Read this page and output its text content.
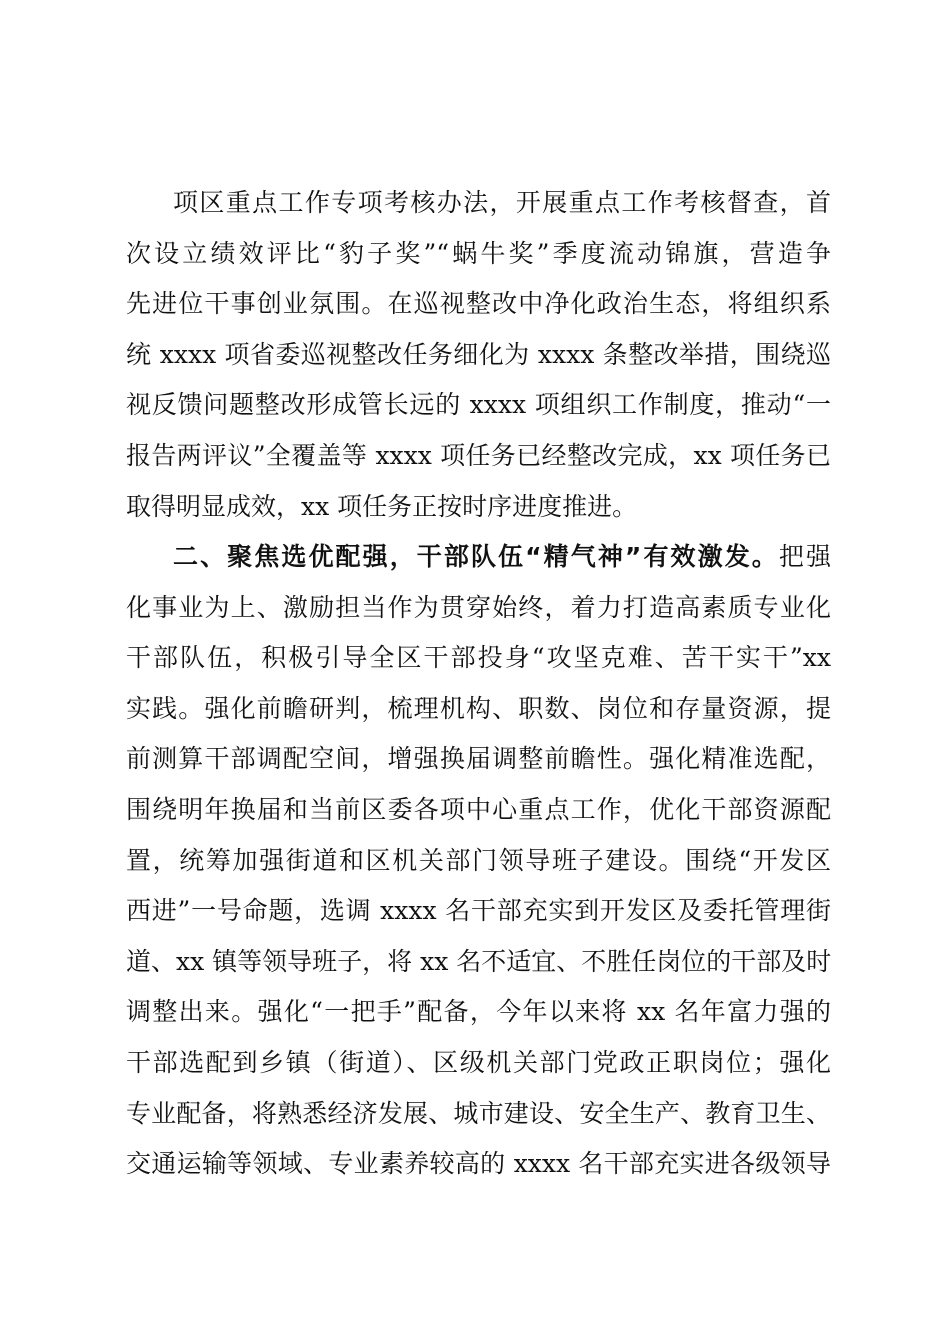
项区重点工作专项考核办法，开展重点工作考核督查，首
次设立绩效评比“豹子奖”“蜗牛奖”季度流动锦旗，营造争
先进位干事创业氛围。在巡视整改中净化政治生态，将组织系
统 xxxx 项省委巡视整改任务细化为 xxxx 条整改举措，围绕巡
视反馈问题整改形成管长远的 xxxx 项组织工作制度，推动“一
报告两评议”全覆盖等 xxxx 项任务已经整改完成，xx 项任务已
取得明显成效，xx 项任务正按时序进度推进。
二、聚焦选优配强，干部队伍“精气神”有效激发。把强
化事业为上、激励担当作为贯穿始终，着力打造高素质专业化
干部队伍，积极引导全区干部投身“攻坚克难、苦干实干”xx
实践。强化前瞻研判，梳理机构、职数、岗位和存量资源，提
前测算干部调配空间，增强换届调整前瞻性。强化精准选配，
围绕明年换届和当前区委各项中心重点工作，优化干部资源配
置，统筹加强街道和区机关部门领导班子建设。围绕“开发区
西进”一号命题，选调 xxxx 名干部充实到开发区及委托管理街
道、xx 镇等领导班子，将 xx 名不适宜、不胜任岗位的干部及时
调整出来。强化“一把手”配备，今年以来将 xx 名年富力强的
干部选配到乡镇（街道）、区级机关部门党政正职岗位；强化
专业配备，将熟悉经济发展、城市建设、安全生产、教育卫生、
交通运输等领域、专业素养较高的 xxxx 名干部充实进各级领导
